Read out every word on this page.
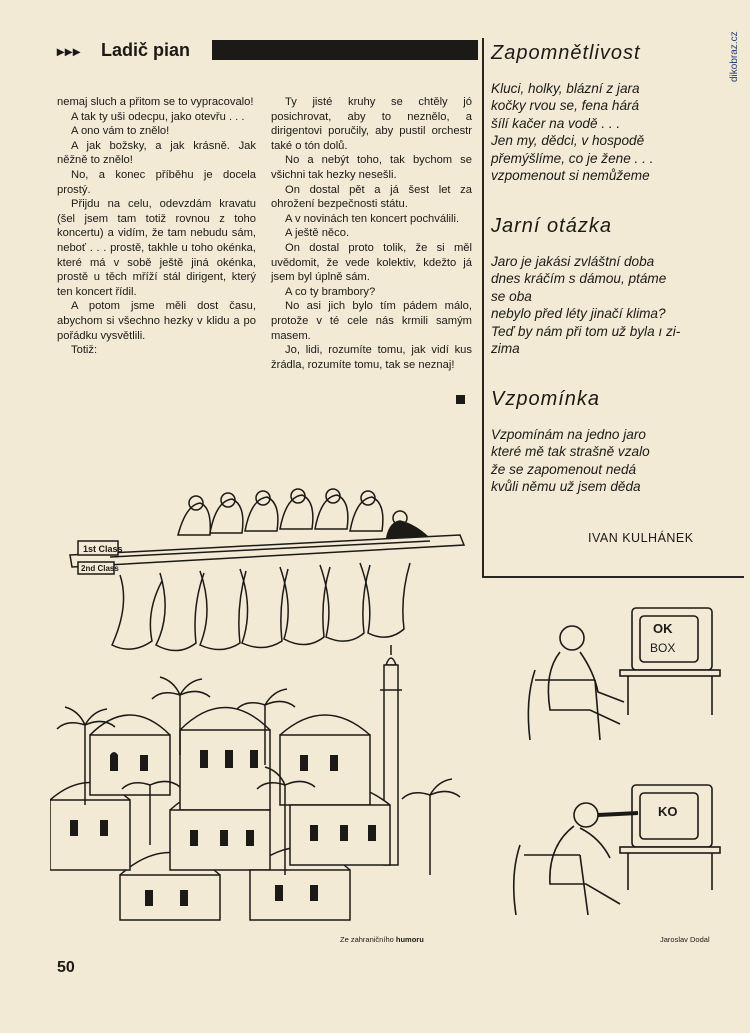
▸▸▸ Ladič pian	dikobraz.cz

nemaj sluch a přitom se to vypracovalo!

A tak ty uši odecpu, jako otevřu . . .

A ono vám to znělo!

A jak božsky, a jak krásně. Jak něžně to znělo!

No, a konec příběhu je docela prostý.

Přijdu na celu, odevzdám kravatu (šel jsem tam totiž rovnou z toho koncertu) a vidím, že tam nebudu sám, neboť . . . prostě, takhle u toho okénka, které má v sobě ještě jiná okénka, prostě u těch mříží stál dirigent, který ten koncert řídil.

A potom jsme měli dost času, abychom si všechno hezky v klidu a po pořádku vysvětlili.

Totiž:

Ty jisté kruhy se chtěly jó posichrovat, aby to neznělo, a dirigentovi poručily, aby pustil orchestr také o tón dolů.

No a nebýt toho, tak bychom se všichni tak hezky nesešli.

On dostal pět a já šest let za ohrožení bezpečnosti státu.

A v novinách ten koncert pochválili.

A ještě něco.

On dostal proto tolik, že si měl uvědomit, že vede kolektiv, kdežto já jsem byl úplně sám.

A co ty brambory?

No asi jich bylo tím pádem málo, protože v té cele nás krmili samým masem.

Jo, lidi, rozumíte tomu, jak vidí kus žrádla, rozumíte tomu, tak se neznaj!

Zapomnětlivost
Kluci, holky, blázní z jara
kočky rvou se, fena hárá
šílí kačer na vodě . . .
Jen my, dědci, v hospodě
přemýšlíme, co je žene . . .
vzpomenout si nemůžeme
Jarní otázka
Jaro je jakási zvláštní doba
dnes kráčím s dámou, ptáme
se oba
nebylo před léty jinačí klima?
Teď by nám při tom už byla ı zi-
zima
Vzpomínka
Vzpomínám na jedno jaro
které mě tak strašně vzalo
že se zapomenout nedá
kvůli němu už jsem děda
IVAN KULHÁNEK
1st Class
2nd Class
Ze zahraničního humoru
OK
BOX
KO
Jaroslav Dodal
50
